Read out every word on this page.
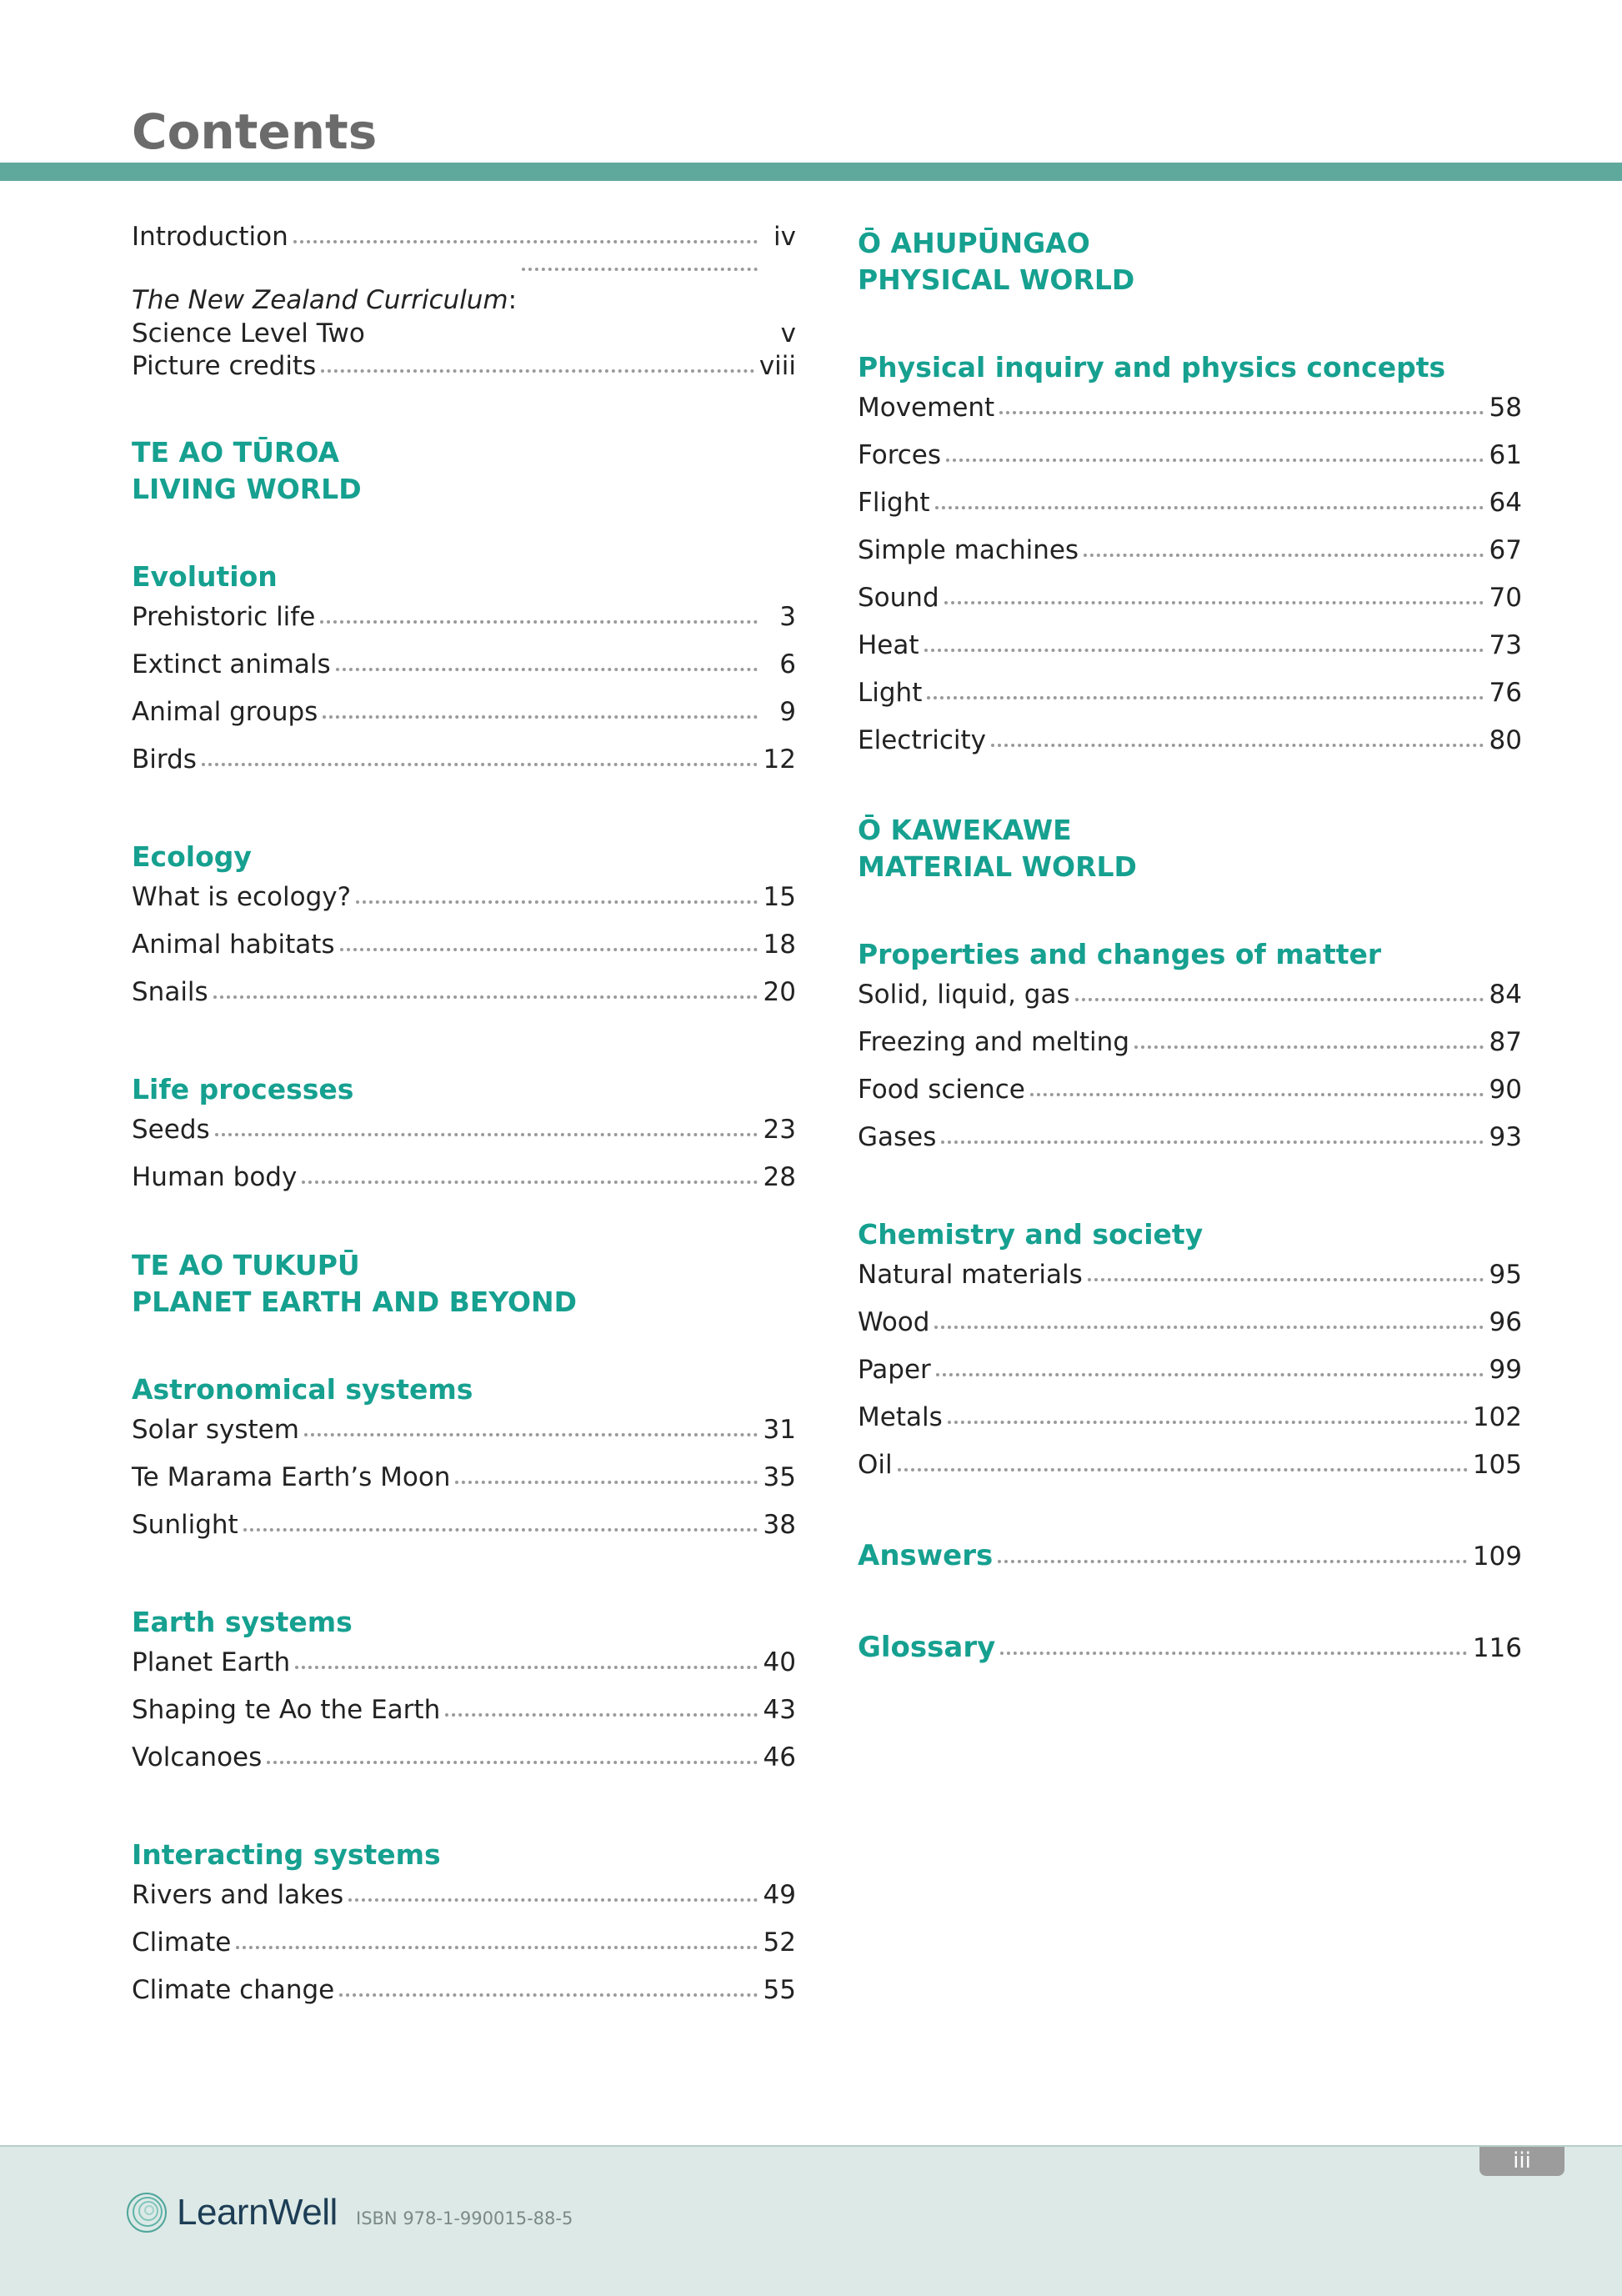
Contents
Introduction	iv
The New Zealand Curriculum:
Science Level Two	v
Picture credits	viii
TE AO TŪROA
LIVING WORLD
Evolution
Prehistoric life	3
Extinct animals	6
Animal groups	9
Birds	12
Ecology
What is ecology?	15
Animal habitats	18
Snails	20
Life processes
Seeds	23
Human body	28
TE AO TUKUPŪ
PLANET EARTH AND BEYOND
Astronomical systems
Solar system	31
Te Marama Earth’s Moon	35
Sunlight	38
Earth systems
Planet Earth	40
Shaping te Ao the Earth	43
Volcanoes	46
Interacting systems
Rivers and lakes	49
Climate	52
Climate change	55
Ō AHUPŪNGAO
PHYSICAL WORLD
Physical inquiry and physics concepts
Movement	58
Forces	61
Flight	64
Simple machines	67
Sound	70
Heat	73
Light	76
Electricity	80
Ō KAWEKAWE
MATERIAL WORLD
Properties and changes of matter
Solid, liquid, gas	84
Freezing and melting	87
Food science	90
Gases	93
Chemistry and society
Natural materials	95
Wood	96
Paper	99
Metals	102
Oil	105
Answers	109
Glossary	116
LearnWell ISBN 978-1-990015-88-5
iii
